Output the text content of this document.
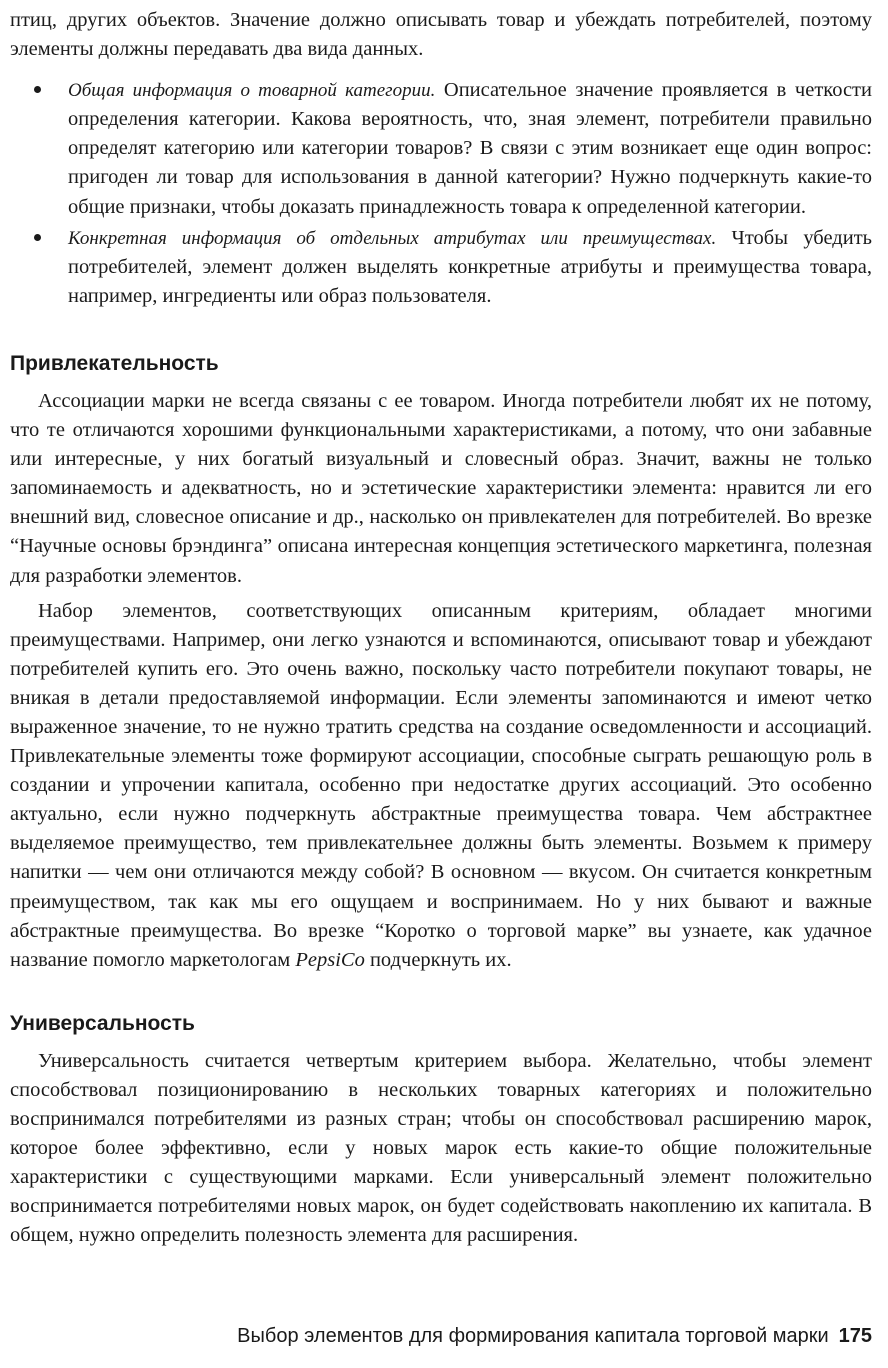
птиц, других объектов. Значение должно описывать товар и убеждать потребителей, поэтому элементы должны передавать два вида данных.

Общая информация о товарной категории. Описательное значение проявляется в четкости определения категории. Какова вероятность, что, зная элемент, потребители правильно определят категорию или категории товаров? В связи с этим возникает еще один вопрос: пригоден ли товар для использования в данной категории? Нужно подчеркнуть какие-то общие признаки, чтобы доказать принадлежность товара к определенной категории.

Конкретная информация об отдельных атрибутах или преимуществах. Чтобы убедить потребителей, элемент должен выделять конкретные атрибуты и преимущества товара, например, ингредиенты или образ пользователя.

Привлекательность

Ассоциации марки не всегда связаны с ее товаром. Иногда потребители любят их не потому, что те отличаются хорошими функциональными характеристиками, а потому, что они забавные или интересные, у них богатый визуальный и словесный образ. Значит, важны не только запоминаемость и адекватность, но и эстетические характеристики элемента: нравится ли его внешний вид, словесное описание и др., насколько он привлекателен для потребителей. Во врезке “Научные основы брэндинга” описана интересная концепция эстетического маркетинга, полезная для разработки элементов.

Набор элементов, соответствующих описанным критериям, обладает многими преимуществами. Например, они легко узнаются и вспоминаются, описывают товар и убеждают потребителей купить его. Это очень важно, поскольку часто потребители покупают товары, не вникая в детали предоставляемой информации. Если элементы запоминаются и имеют четко выраженное значение, то не нужно тратить средства на создание осведомленности и ассоциаций. Привлекательные элементы тоже формируют ассоциации, способные сыграть решающую роль в создании и упрочении капитала, особенно при недостатке других ассоциаций. Это особенно актуально, если нужно подчеркнуть абстрактные преимущества товара. Чем абстрактнее выделяемое преимущество, тем привлекательнее должны быть элементы. Возьмем к примеру напитки — чем они отличаются между собой? В основном — вкусом. Он считается конкретным преимуществом, так как мы его ощущаем и воспринимаем. Но у них бывают и важные абстрактные преимущества. Во врезке “Коротко о торговой марке” вы узнаете, как удачное название помогло маркетологам PepsiCo подчеркнуть их.

Универсальность

Универсальность считается четвертым критерием выбора. Желательно, чтобы элемент способствовал позиционированию в нескольких товарных категориях и положительно воспринимался потребителями из разных стран; чтобы он способствовал расширению марок, которое более эффективно, если у новых марок есть какие-то общие положительные характеристики с существующими марками. Если универсальный элемент положительно воспринимается потребителями новых марок, он будет содействовать накоплению их капитала. В общем, нужно определить полезность элемента для расширения.

Выбор элементов для формирования капитала торговой марки 175
